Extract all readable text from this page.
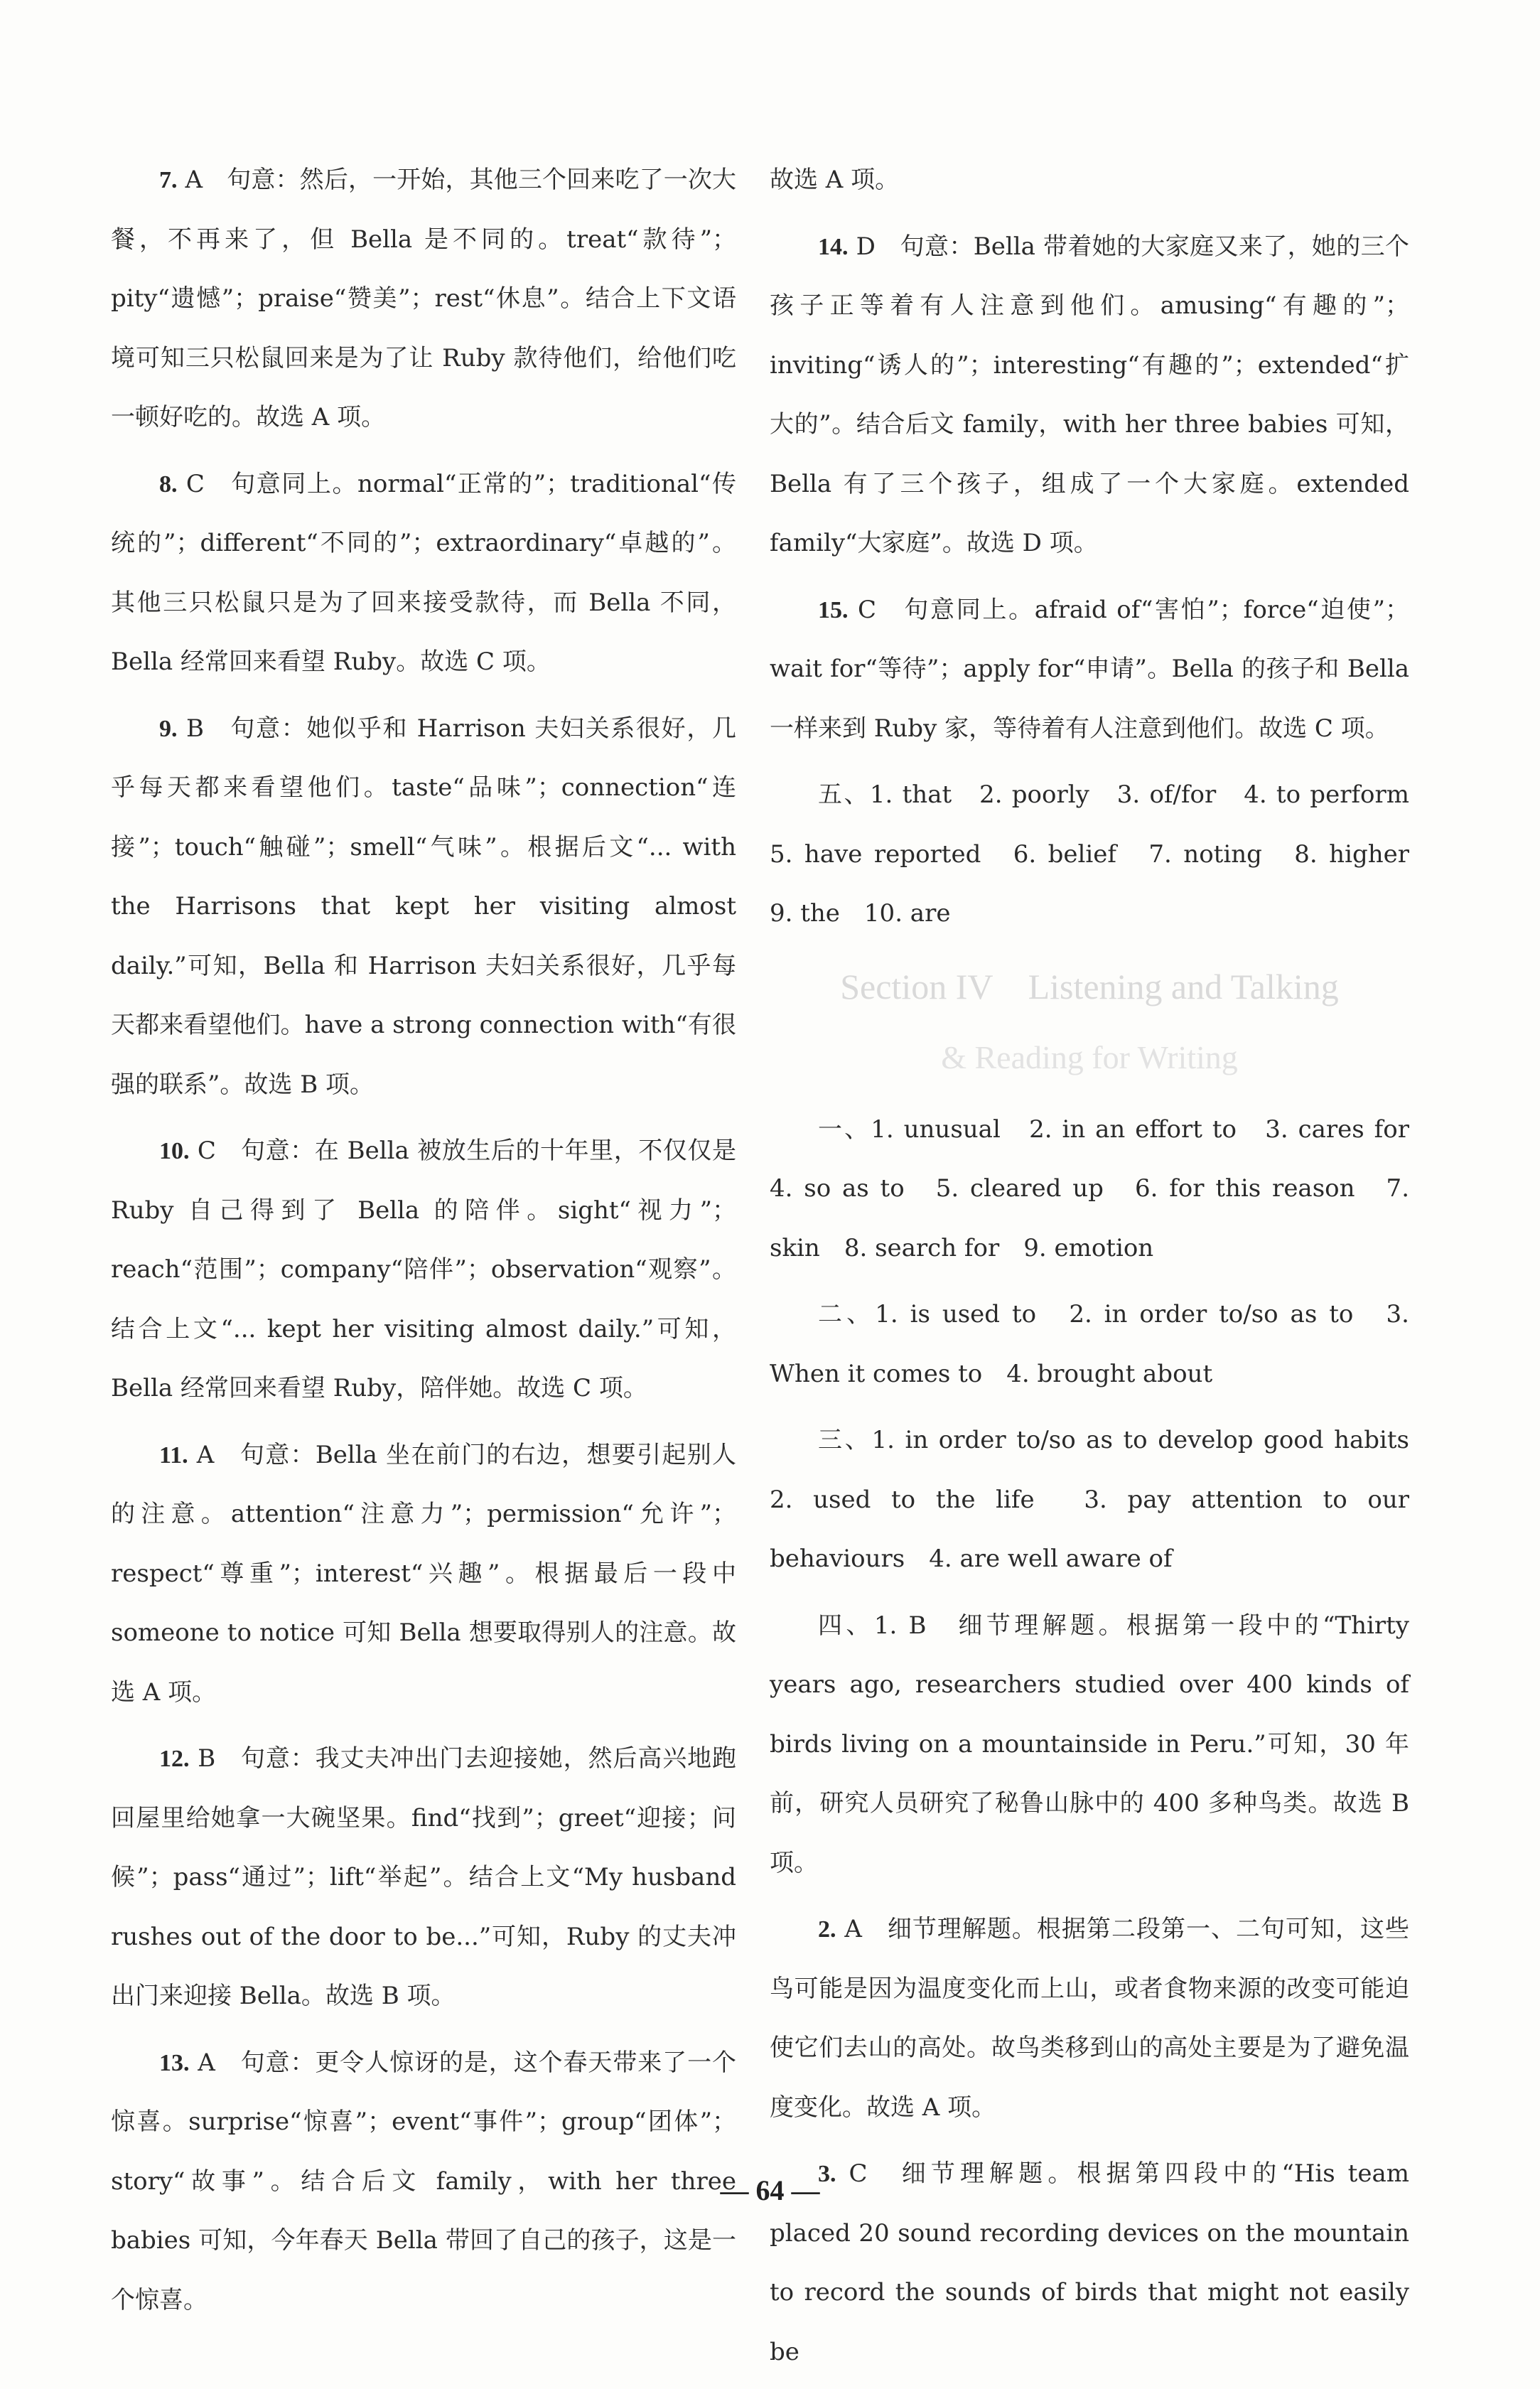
7. A　句意：然后，一开始，其他三个回来吃了一次大餐，不再来了，但 Bella 是不同的。treat“款待”；pity“遗憾”；praise“赞美”；rest“休息”。结合上下文语境可知三只松鼠回来是为了让 Ruby 款待他们，给他们吃一顿好吃的。故选 A 项。

8. C　句意同上。normal“正常的”；traditional“传统的”；different“不同的”；extraordinary“卓越的”。其他三只松鼠只是为了回来接受款待，而 Bella 不同，Bella 经常回来看望 Ruby。故选 C 项。

9. B　句意：她似乎和 Harrison 夫妇关系很好，几乎每天都来看望他们。taste“品味”；connection“连接”；touch“触碰”；smell“气味”。根据后文“... with the Harrisons that kept her visiting almost daily.”可知，Bella 和 Harrison 夫妇关系很好，几乎每天都来看望他们。have a strong connection with“有很强的联系”。故选 B 项。

10. C　句意：在 Bella 被放生后的十年里，不仅仅是 Ruby 自己得到了 Bella 的陪伴。sight“视力”；reach“范围”；company“陪伴”；observation“观察”。结合上文“... kept her visiting almost daily.”可知，Bella 经常回来看望 Ruby，陪伴她。故选 C 项。

11. A　句意：Bella 坐在前门的右边，想要引起别人的注意。attention“注意力”；permission“允许”；respect“尊重”；interest“兴趣”。根据最后一段中 someone to notice 可知 Bella 想要取得别人的注意。故选 A 项。

12. B　句意：我丈夫冲出门去迎接她，然后高兴地跑回屋里给她拿一大碗坚果。find“找到”；greet“迎接；问候”；pass“通过”；lift“举起”。结合上文“My husband rushes out of the door to be...”可知，Ruby 的丈夫冲出门来迎接 Bella。故选 B 项。

13. A　句意：更令人惊讶的是，这个春天带来了一个惊喜。surprise“惊喜”；event“事件”；group“团体”；story“故事”。结合后文 family，with her three babies 可知，今年春天 Bella 带回了自己的孩子，这是一个惊喜。

故选 A 项。

14. D　句意：Bella 带着她的大家庭又来了，她的三个孩子正等着有人注意到他们。amusing“有趣的”；inviting“诱人的”；interesting“有趣的”；extended“扩大的”。结合后文 family，with her three babies 可知，Bella 有了三个孩子，组成了一个大家庭。extended family“大家庭”。故选 D 项。

15. C　句意同上。afraid of“害怕”；force“迫使”；wait for“等待”；apply for“申请”。Bella 的孩子和 Bella 一样来到 Ruby 家，等待着有人注意到他们。故选 C 项。

五、1. that　2. poorly　3. of/for　4. to perform　5. have reported　6. belief　7. noting　8. higher　9. the　10. are

Section IV　Listening and Talking

& Reading for Writing

一、1. unusual　2. in an effort to　3. cares for　4. so as to　5. cleared up　6. for this reason　7. skin　8. search for　9. emotion

二、1. is used to　2. in order to/so as to　3. When it comes to　4. brought about

三、1. in order to/so as to develop good habits　2. used to the life　3. pay attention to our behaviours　4. are well aware of

四、1. B　细节理解题。根据第一段中的“Thirty years ago, researchers studied over 400 kinds of birds living on a mountainside in Peru.”可知，30 年前，研究人员研究了秘鲁山脉中的 400 多种鸟类。故选 B 项。

2. A　细节理解题。根据第二段第一、二句可知，这些鸟可能是因为温度变化而上山，或者食物来源的改变可能迫使它们去山的高处。故鸟类移到山的高处主要是为了避免温度变化。故选 A 项。

3. C　细节理解题。根据第四段中的“His team placed 20 sound recording devices on the mountain to record the sounds of birds that might not easily be

— 64 —
